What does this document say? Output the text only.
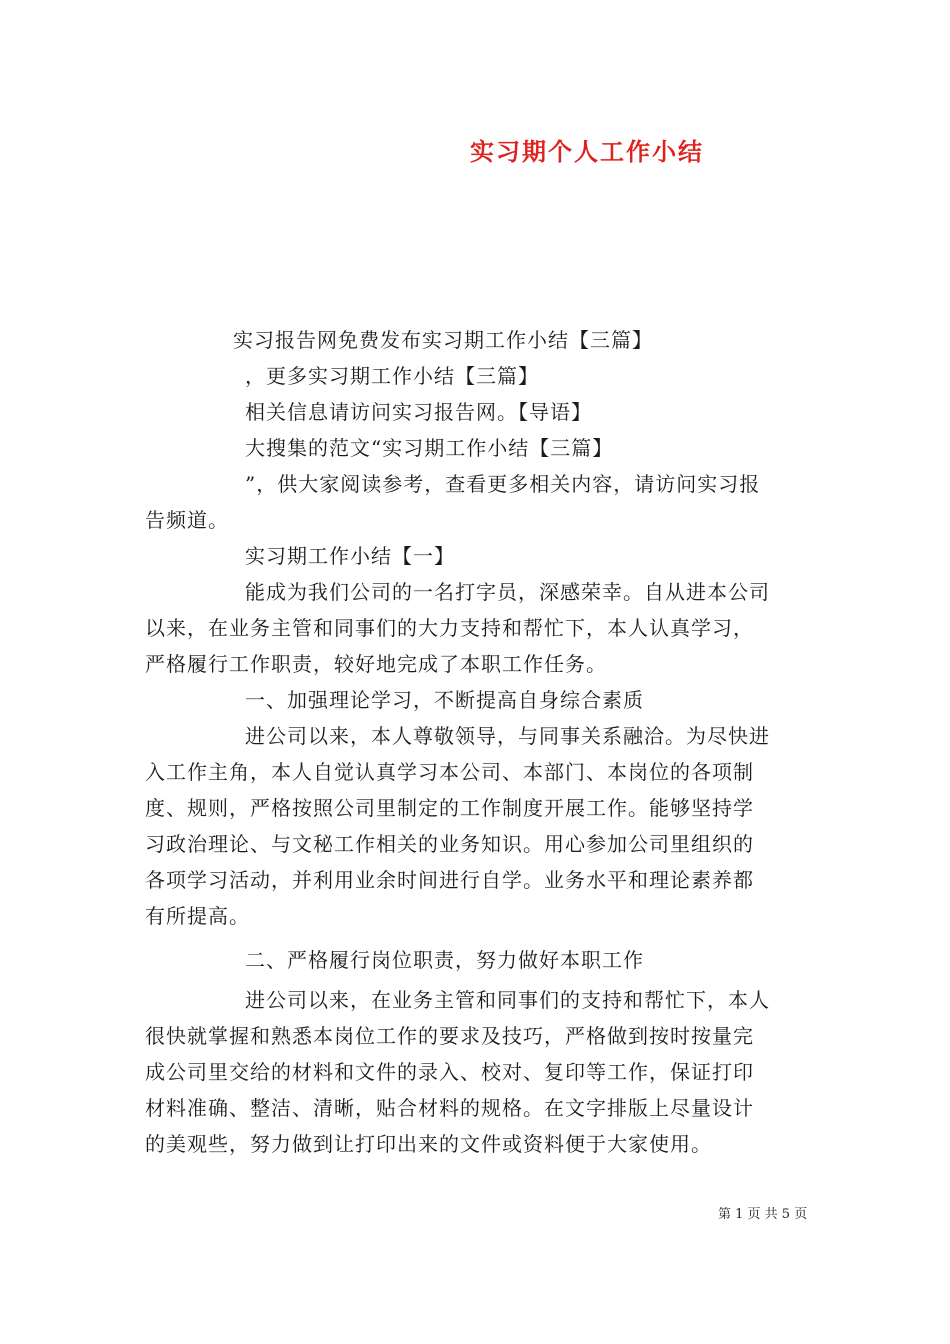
实习期个人工作小结
实习报告网免费发布实习期工作小结【三篇】
，更多实习期工作小结【三篇】
相关信息请访问实习报告网。【导语】
大搜集的范文“实习期工作小结【三篇】
”，供大家阅读参考，查看更多相关内容，请访问实习报
告频道。
实习期工作小结【一】
能成为我们公司的一名打字员，深感荣幸。自从进本公司
以来，在业务主管和同事们的大力支持和帮忙下，本人认真学习，
严格履行工作职责，较好地完成了本职工作任务。
一、加强理论学习，不断提高自身综合素质
进公司以来，本人尊敬领导，与同事关系融洽。为尽快进
入工作主角，本人自觉认真学习本公司、本部门、本岗位的各项制
度、规则，严格按照公司里制定的工作制度开展工作。能够坚持学
习政治理论、与文秘工作相关的业务知识。用心参加公司里组织的
各项学习活动，并利用业余时间进行自学。业务水平和理论素养都
有所提高。
二、严格履行岗位职责，努力做好本职工作
进公司以来，在业务主管和同事们的支持和帮忙下，本人
很快就掌握和熟悉本岗位工作的要求及技巧，严格做到按时按量完
成公司里交给的材料和文件的录入、校对、复印等工作，保证打印
材料准确、整洁、清晰，贴合材料的规格。在文字排版上尽量设计
的美观些，努力做到让打印出来的文件或资料便于大家使用。
第 1 页 共 5 页
